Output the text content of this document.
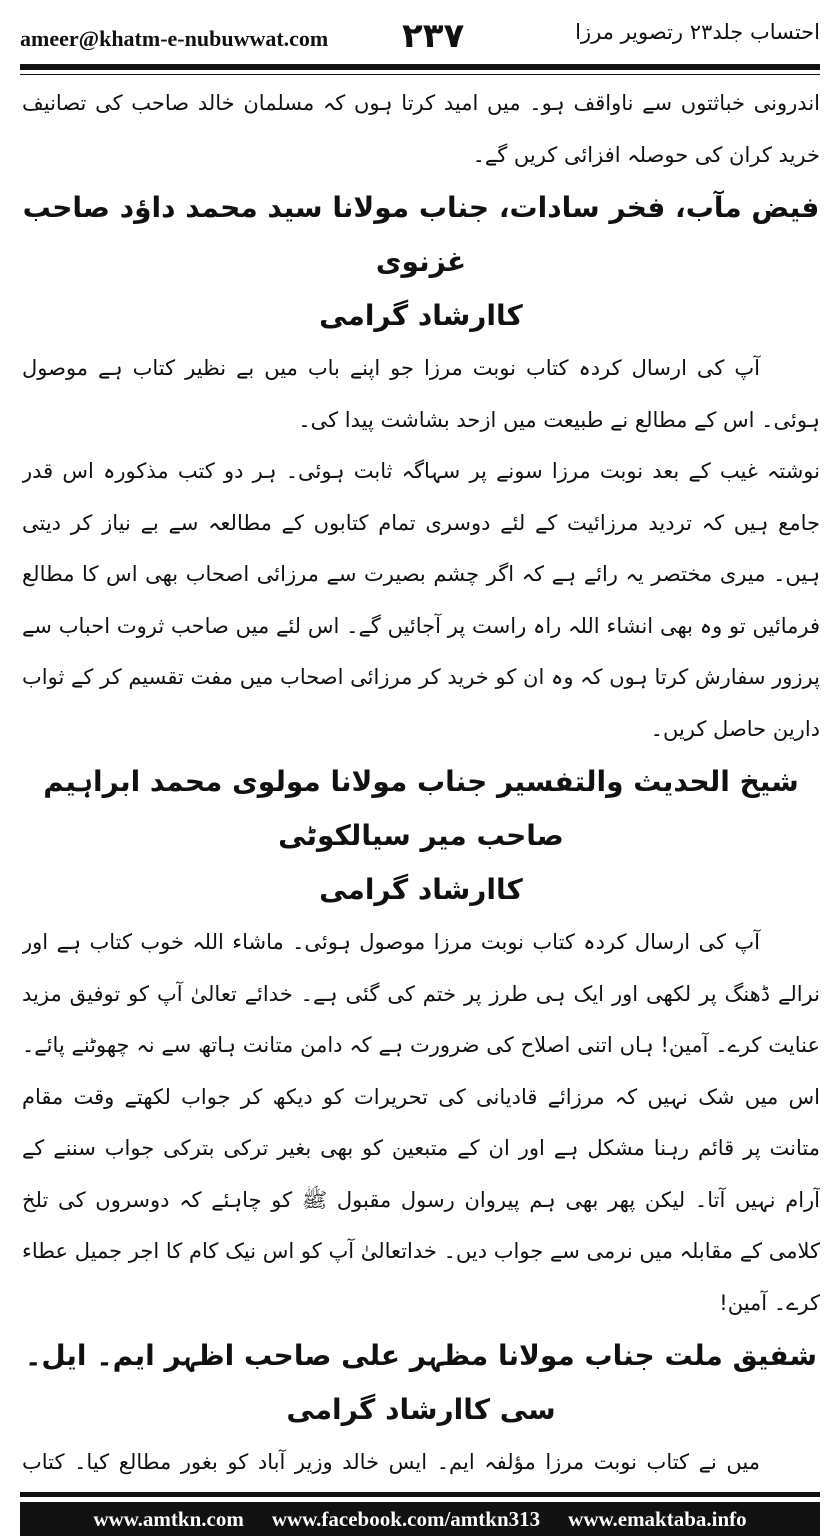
ameer@khatm-e-nubuwwat.com ۲۳۷	احتساب جلد۲۳ رتصویر مرزا

اندرونی خباثتوں سے ناواقف ہو۔ میں امید کرتا ہوں کہ مسلمان خالد صاحب کی تصانیف خرید کران کی حوصلہ افزائی کریں گے۔

فیض مآب، فخر سادات، جناب مولانا سید محمد داؤد صاحب غزنوی
کاارشاد گرامی

آپ کی ارسال کردہ کتاب نوبت مرزا جو اپنے باب میں بے نظیر کتاب ہے موصول ہوئی۔ اس کے مطالع نے طبیعت میں ازحد بشاشت پیدا کی۔

نوشتہ غیب کے بعد نوبت مرزا سونے پر سہاگہ ثابت ہوئی۔ ہر دو کتب مذکورہ اس قدر جامع ہیں کہ تردید مرزائیت کے لئے دوسری تمام کتابوں کے مطالعہ سے بے نیاز کر دیتی ہیں۔ میری مختصر یہ رائے ہے کہ اگر چشم بصیرت سے مرزائی اصحاب بھی اس کا مطالع فرمائیں تو وہ بھی انشاء اللہ راہ راست پر آجائیں گے۔ اس لئے میں صاحب ثروت احباب سے پرزور سفارش کرتا ہوں کہ وہ ان کو خرید کر مرزائی اصحاب میں مفت تقسیم کر کے ثواب دارین حاصل کریں۔

شیخ الحدیث والتفسیر جناب مولانا مولوی محمد ابراہیم صاحب میر سیالکوٹی
کاارشاد گرامی

آپ کی ارسال کردہ کتاب نوبت مرزا موصول ہوئی۔ ماشاء اللہ خوب کتاب ہے اور نرالے ڈھنگ پر لکھی اور ایک ہی طرز پر ختم کی گئی ہے۔ خدائے تعالیٰ آپ کو توفیق مزید عنایت کرے۔ آمین! ہاں اتنی اصلاح کی ضرورت ہے کہ دامن متانت ہاتھ سے نہ چھوٹنے پائے۔ اس میں شک نہیں کہ مرزائے قادیانی کی تحریرات کو دیکھ کر جواب لکھتے وقت مقام متانت پر قائم رہنا مشکل ہے اور ان کے متبعین کو بھی بغیر ترکی بترکی جواب سننے کے آرام نہیں آتا۔ لیکن پھر بھی ہم پیروان رسول مقبول ﷺ کو چاہئے کہ دوسروں کی تلخ کلامی کے مقابلہ میں نرمی سے جواب دیں۔ خداتعالیٰ آپ کو اس نیک کام کا اجر جمیل عطاء کرے۔ آمین!

شفیق ملت جناب مولانا مظہر علی صاحب اظہر ایم۔ ایل۔ سی کاارشاد گرامی

میں نے کتاب نوبت مرزا مؤلفہ ایم۔ ایس خالد وزیر آباد کو بغور مطالع کیا۔ کتاب

www.amtkn.com www.facebook.com/amtkn313 www.emaktaba.info
